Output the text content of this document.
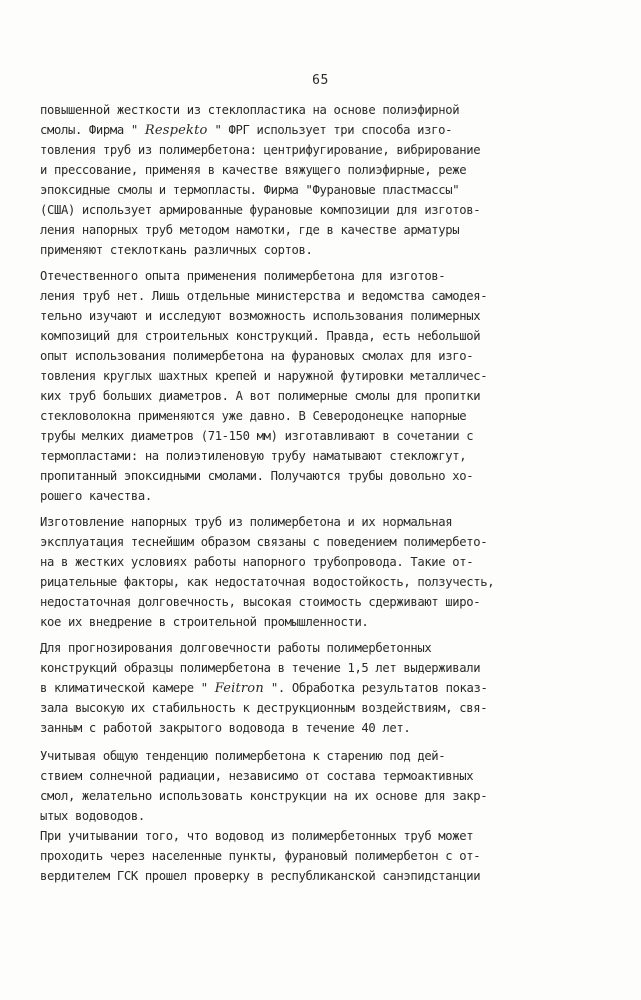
65
повышенной жесткости из стеклопластика на основе полиэфирной
смолы. Фирма " Respekto " ФРГ использует три способа изго-
товления труб из полимербетона: центрифугирование, вибрирование
и прессование, применяя в качестве вяжущего полиэфирные, реже
эпоксидные смолы и термопласты. Фирма "Фурановые пластмассы"
(США) использует армированные фурановые композиции для изготов-
ления напорных труб методом намотки, где в качестве арматуры
применяют стеклоткань различных сортов.
Отечественного опыта применения полимербетона для изготов-
ления труб нет. Лишь отдельные министерства и ведомства самодея-
тельно изучают и исследуют возможность использования полимерных
композиций для строительных конструкций. Правда, есть небольшой
опыт использования полимербетона на фурановых смолах для изго-
товления круглых шахтных крепей и наружной футировки металличес-
ких труб больших диаметров. А вот полимерные смолы для пропитки
стекловолокна применяются уже давно. В Северодонецке напорные
трубы мелких диаметров (71-150 мм) изготавливают в сочетании с
термопластами: на полиэтиленовую трубу наматывают стекложгут,
пропитанный эпоксидными смолами. Получаются трубы довольно хо-
рошего качества.
Изготовление напорных труб из полимербетона и их нормальная
эксплуатация теснейшим образом связаны с поведением полимербето-
на в жестких условиях работы напорного трубопровода. Такие от-
рицательные факторы, как недостаточная водостойкость, ползучесть,
недостаточная долговечность, высокая стоимость сдерживают широ-
кое их внедрение в строительной промышленности.
Для прогнозирования долговечности работы полимербетонных
конструкций образцы полимербетона в течение 1,5 лет выдерживали
в климатической камере " Feitron ". Обработка результатов показ-
зала высокую их стабильность к деструкционным воздействиям, свя-
занным с работой закрытого водовода в течение 40 лет.
Учитывая общую тенденцию полимербетона к старению под дей-
ствием солнечной радиации, независимо от состава термоактивных
смол, желательно использовать конструкции на их основе для закр-
ытых водоводов.
При учитывании того, что водовод из полимербетонных труб может
проходить через населенные пункты, фурановый полимербетон с от-
вердителем ГСК прошел проверку в республиканской санэпидстанции
